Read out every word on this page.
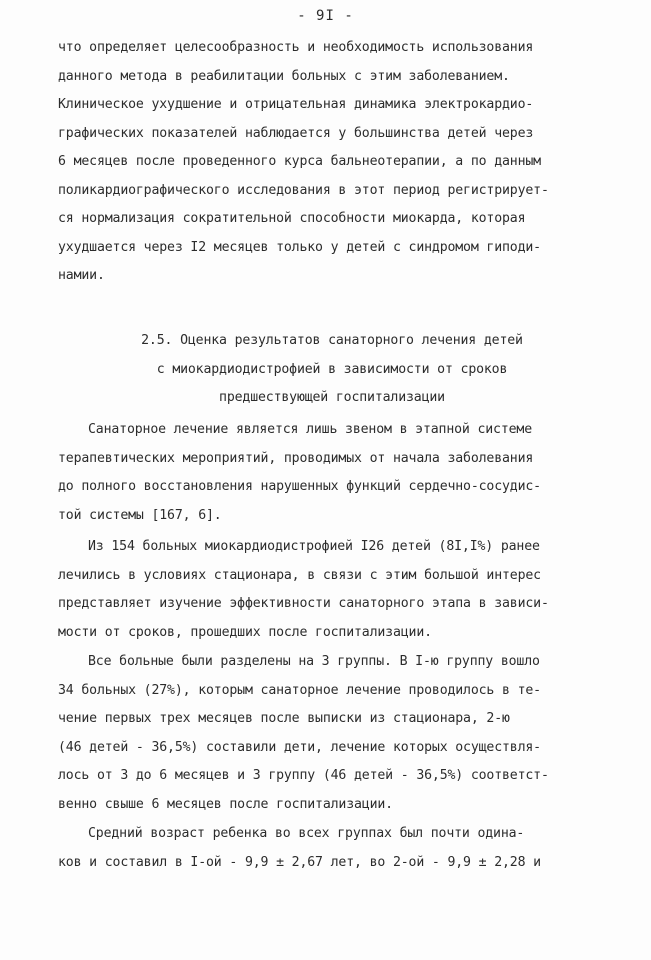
- 9I -
что определяет целесообразность и необходимость использования
данного метода в реабилитации больных с этим заболеванием.
Клиническое ухудшение и отрицательная динамика электрокардио-
графических показателей наблюдается у большинства детей через
6 месяцев после проведенного курса бальнеотерапии, а по данным
поликардиографического исследования в этот период регистрирует-
ся нормализация сократительной способности миокарда, которая
ухудшается через I2 месяцев только у детей с синдромом гиподи-
намии.
2.5. Оценка результатов санаторного лечения детей
с миокардиодистрофией в зависимости от сроков
предшествующей госпитализации
Санаторное лечение является лишь звеном в этапной системе
терапевтических мероприятий, проводимых от начала заболевания
до полного восстановления нарушенных функций сердечно-сосудис-
той системы [167, 6].
Из 154 больных миокардиодистрофией I26 детей (8I,I%) ранее
лечились в условиях стационара, в связи с этим большой интерес
представляет изучение эффективности санаторного этапа в зависи-
мости от сроков, прошедших после госпитализации.
Все больные были разделены на 3 группы. В I-ю группу вошло
34 больных (27%), которым санаторное лечение проводилось в те-
чение первых трех месяцев после выписки из стационара, 2-ю
(46 детей - 36,5%) составили дети, лечение которых осуществля-
лось от 3 до 6 месяцев и 3 группу (46 детей - 36,5%) соответст-
венно свыше 6 месяцев после госпитализации.
Средний возраст ребенка во всех группах был почти одина-
ков и составил в I-ой - 9,9 ± 2,67 лет, во 2-ой - 9,9 ± 2,28 и
